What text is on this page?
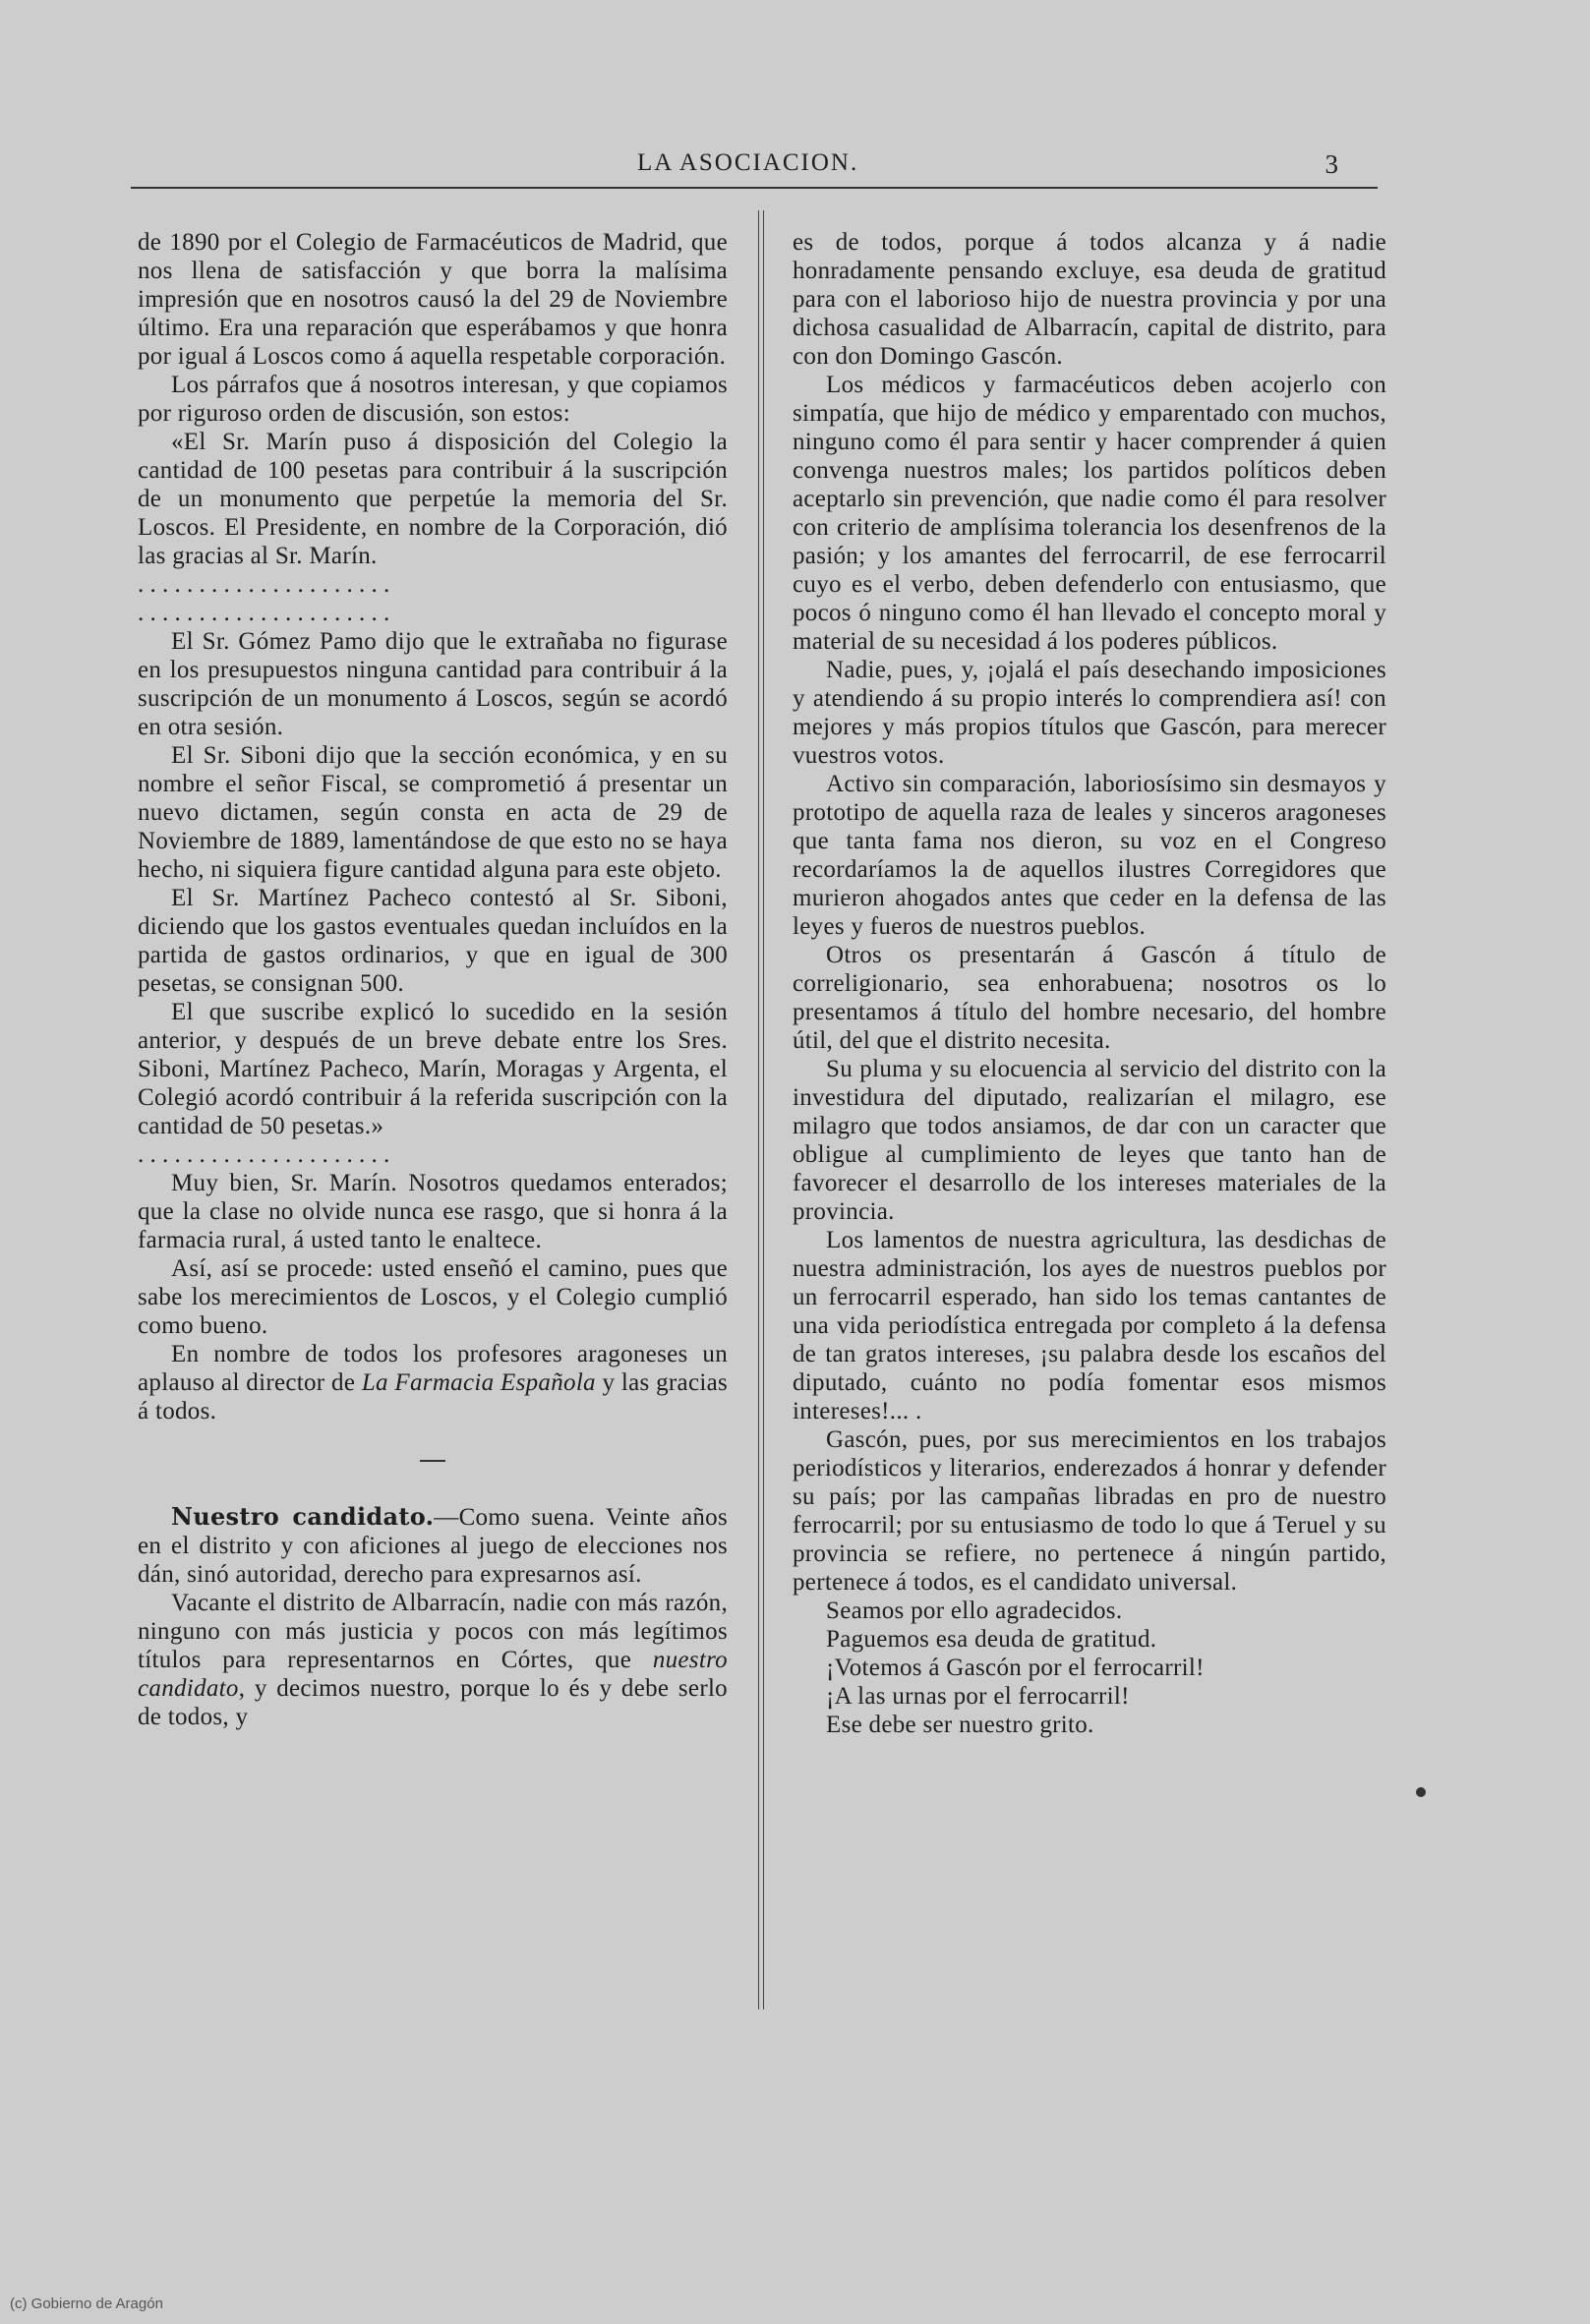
LA ASOCIACION.	3

de 1890 por el Colegio de Farmacéuticos de Madrid, que nos llena de satisfacción y que borra la malísima impresión que en nosotros causó la del 29 de Noviembre último. Era una reparación que esperábamos y que honra por igual á Loscos como á aquella respetable corporación.

Los párrafos que á nosotros interesan, y que copiamos por riguroso orden de discusión, son estos:

«El Sr. Marín puso á disposición del Colegio la cantidad de 100 pesetas para contribuir á la suscripción de un monumento que perpetúe la memoria del Sr. Loscos. El Presidente, en nombre de la Corporación, dió las gracias al Sr. Marín.

. . . . . . . . . . . . . . . . . . . . .

. . . . . . . . . . . . . . . . . . . . .

El Sr. Gómez Pamo dijo que le extrañaba no figurase en los presupuestos ninguna cantidad para contribuir á la suscripción de un monumento á Loscos, según se acordó en otra sesión.

El Sr. Siboni dijo que la sección económica, y en su nombre el señor Fiscal, se comprometió á presentar un nuevo dictamen, según consta en acta de 29 de Noviembre de 1889, lamentándose de que esto no se haya hecho, ni siquiera figure cantidad alguna para este objeto.

El Sr. Martínez Pacheco contestó al Sr. Siboni, diciendo que los gastos eventuales quedan incluídos en la partida de gastos ordinarios, y que en igual de 300 pesetas, se consignan 500.

El que suscribe explicó lo sucedido en la sesión anterior, y después de un breve debate entre los Sres. Siboni, Martínez Pacheco, Marín, Moragas y Argenta, el Colegió acordó contribuir á la referida suscripción con la cantidad de 50 pesetas.»

. . . . . . . . . . . . . . . . . . . . .

Muy bien, Sr. Marín. Nosotros quedamos enterados; que la clase no olvide nunca ese rasgo, que si honra á la farmacia rural, á usted tanto le enaltece.

Así, así se procede: usted enseñó el camino, pues que sabe los merecimientos de Loscos, y el Colegio cumplió como bueno.

En nombre de todos los profesores aragoneses un aplauso al director de La Farmacia Española y las gracias á todos.

Nuestro candidato.—Como suena. Veinte años en el distrito y con aficiones al juego de elecciones nos dán, sinó autoridad, derecho para expresarnos así.

Vacante el distrito de Albarracín, nadie con más razón, ninguno con más justicia y pocos con más legítimos títulos para representarnos en Córtes, que nuestro candidato, y decimos nuestro, porque lo és y debe serlo de todos, y

es de todos, porque á todos alcanza y á nadie honradamente pensando excluye, esa deuda de gratitud para con el laborioso hijo de nuestra provincia y por una dichosa casualidad de Albarracín, capital de distrito, para con don Domingo Gascón.

Los médicos y farmacéuticos deben acojerlo con simpatía, que hijo de médico y emparentado con muchos, ninguno como él para sentir y hacer comprender á quien convenga nuestros males; los partidos políticos deben aceptarlo sin prevención, que nadie como él para resolver con criterio de amplísima tolerancia los desenfrenos de la pasión; y los amantes del ferrocarril, de ese ferrocarril cuyo es el verbo, deben defenderlo con entusiasmo, que pocos ó ninguno como él han llevado el concepto moral y material de su necesidad á los poderes públicos.

Nadie, pues, y, ¡ojalá el país desechando imposiciones y atendiendo á su propio interés lo comprendiera así! con mejores y más propios títulos que Gascón, para merecer vuestros votos.

Activo sin comparación, laboriosísimo sin desmayos y prototipo de aquella raza de leales y sinceros aragoneses que tanta fama nos dieron, su voz en el Congreso recordaríamos la de aquellos ilustres Corregidores que murieron ahogados antes que ceder en la defensa de las leyes y fueros de nuestros pueblos.

Otros os presentarán á Gascón á título de correligionario, sea enhorabuena; nosotros os lo presentamos á título del hombre necesario, del hombre útil, del que el distrito necesita.

Su pluma y su elocuencia al servicio del distrito con la investidura del diputado, realizarían el milagro, ese milagro que todos ansiamos, de dar con un caracter que obligue al cumplimiento de leyes que tanto han de favorecer el desarrollo de los intereses materiales de la provincia.

Los lamentos de nuestra agricultura, las desdichas de nuestra administración, los ayes de nuestros pueblos por un ferrocarril esperado, han sido los temas cantantes de una vida periodística entregada por completo á la defensa de tan gratos intereses, ¡su palabra desde los escaños del diputado, cuánto no podía fomentar esos mismos intereses!... .

Gascón, pues, por sus merecimientos en los trabajos periodísticos y literarios, enderezados á honrar y defender su país; por las campañas libradas en pro de nuestro ferrocarril; por su entusiasmo de todo lo que á Teruel y su provincia se refiere, no pertenece á ningún partido, pertenece á todos, es el candidato universal.

Seamos por ello agradecidos.

Paguemos esa deuda de gratitud.

¡Votemos á Gascón por el ferrocarril!

¡A las urnas por el ferrocarril!

Ese debe ser nuestro grito.

(c) Gobierno de Aragón
